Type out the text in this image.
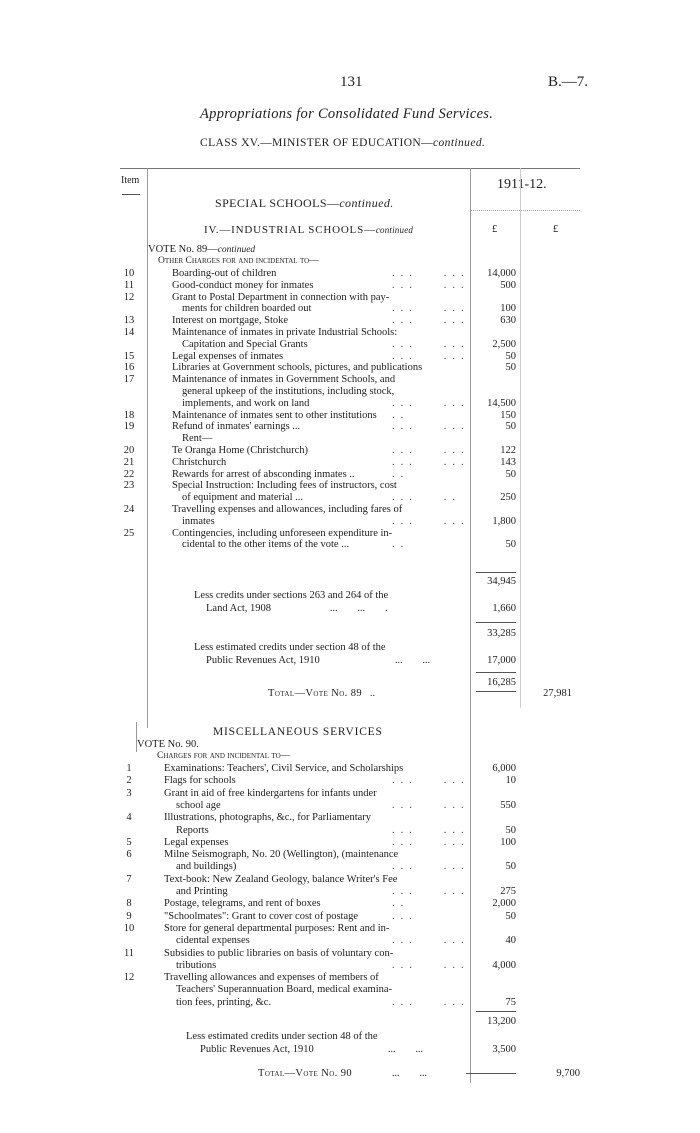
131	B.—7.
Appropriations for Consolidated Fund Services.
CLASS XV.—MINISTER OF EDUCATION—continued.
Item	1911-12.
SPECIAL SCHOOLS—continued.
IV.—INDUSTRIAL SCHOOLS—continued	£	£
VOTE No. 89—continued
Other Charges for and incidental to—
10	Boarding-out of children	...   ...	14,000
11	Good-conduct money for inmates	...   ...	500
12	Grant to Postal Department in connection with pay-
ments for children boarded out	...   ...	100
13	Interest on mortgage, Stoke	...   ...	630
14	Maintenance of inmates in private Industrial Schools:
Capitation and Special Grants	...   ...	2,500
15	Legal expenses of inmates	...   ...	50
16	Libraries at Government schools, pictures, and publications	50
17	Maintenance of inmates in Government Schools, and
general upkeep of the institutions, including stock,
implements, and work on land	...   ...	14,500
18	Maintenance of inmates sent to other institutions ..	150
19	Refund of inmates' earnings ...	...   ...	50
Rent—
20	Te Oranga Home (Christchurch)	...   ...	122
21	Christchurch	...   ...	143
22	Rewards for arrest of absconding inmates ..	..	50
23	Special Instruction: Including fees of instructors, cost
of equipment and material ...	...   ..	250
24	Travelling expenses and allowances, including fares of
inmates	...   ...	1,800
25	Contingencies, including unforeseen expenditure in-
cidental to the other items of the vote ...	..	50
34,945
Less credits under sections 263 and 264 of the
Land Act, 1908	...        ...        .	1,660
33,285
Less estimated credits under section 48 of the
Public Revenues Act, 1910	...        ...	17,000
16,285
Total—Vote No. 89 ..	27,981
MISCELLANEOUS SERVICES
VOTE No. 90.
Charges for and incidental to—
1	Examinations: Teachers', Civil Service, and Scholarships	6,000
2	Flags for schools	...   ...	10
3	Grant in aid of free kindergartens for infants under
school age	...   ...	550
4	Illustrations, photographs, &c., for Parliamentary
Reports	...   ...	50
5	Legal expenses	...   ...	100
6	Milne Seismograph, No. 20 (Wellington), (maintenance
and buildings)	...   ...	50
7	Text-book: New Zealand Geology, balance Writer's Fee
and Printing	...   ...	275
8	Postage, telegrams, and rent of boxes	..	2,000
9	"Schoolmates": Grant to cover cost of postage	...	50
10	Store for general departmental purposes: Rent and in-
cidental expenses	...   ...	40
11	Subsidies to public libraries on basis of voluntary con-
tributions	...   ...	4,000
12	Travelling allowances and expenses of members of
Teachers' Superannuation Board, medical examina-
tion fees, printing, &c.	...   ...	75
13,200
Less estimated credits under section 48 of the
Public Revenues Act, 1910	...        ...	3,500
Total—Vote No. 90	...        ...	9,700
